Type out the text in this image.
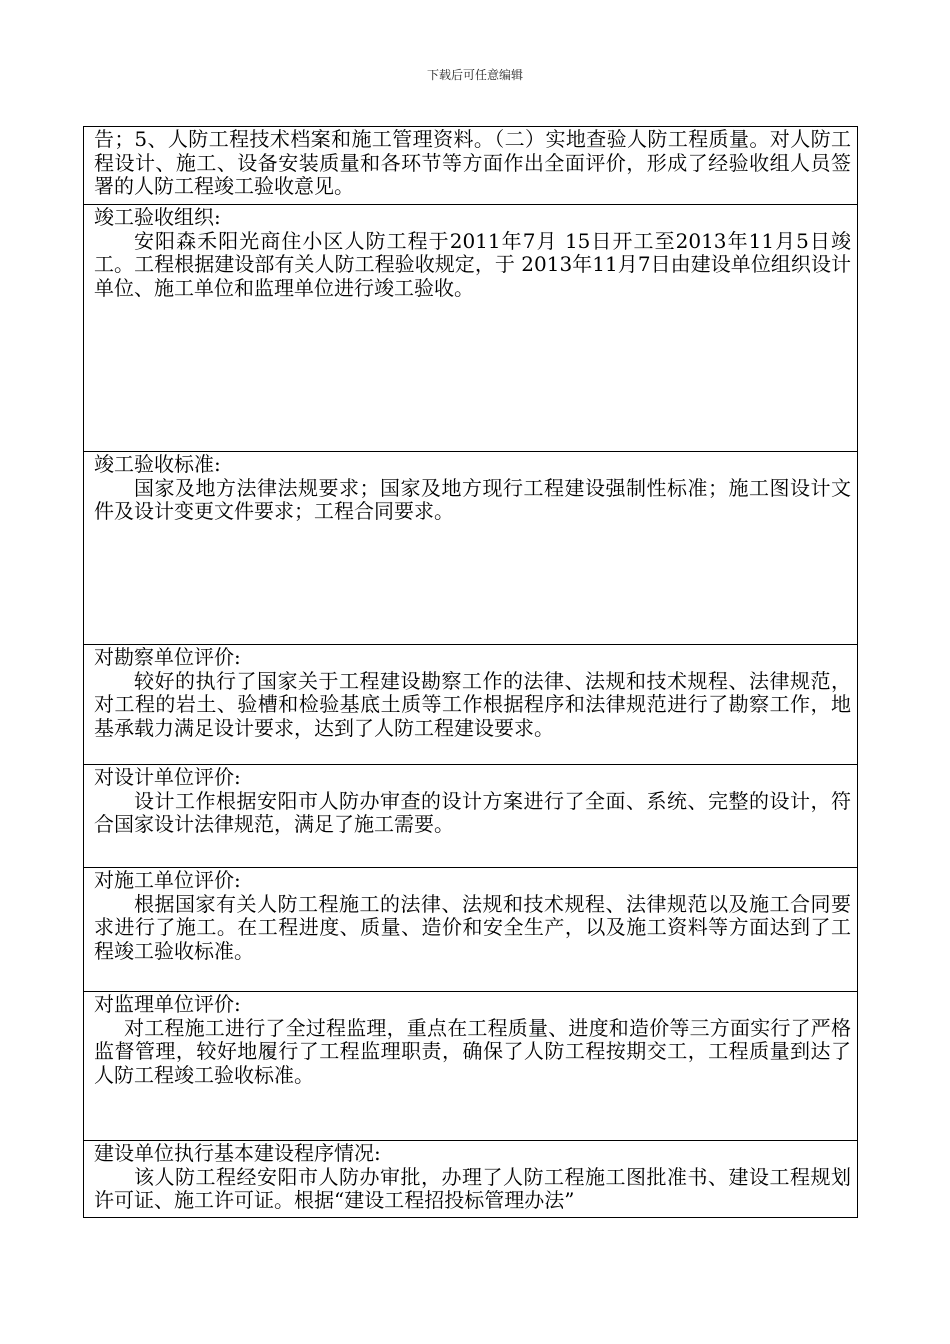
下载后可任意编辑
告；5、人防工程技术档案和施工管理资料。（二）实地查验人防工程质量。对人防工程设计、施工、设备安装质量和各环节等方面作出全面评价，形成了经验收组人员签署的人防工程竣工验收意见。
竣工验收组织:
安阳森禾阳光商住小区人防工程于2011年7月 15日开工至2013年11月5日竣工。工程根据建设部有关人防工程验收规定，于 2013年11月7日由建设单位组织设计单位、施工单位和监理单位进行竣工验收。
竣工验收标准:
国家及地方法律法规要求；国家及地方现行工程建设强制性标准；施工图设计文件及设计变更文件要求；工程合同要求。
对勘察单位评价:
较好的执行了国家关于工程建设勘察工作的法律、法规和技术规程、法律规范，对工程的岩土、验槽和检验基底土质等工作根据程序和法律规范进行了勘察工作，地基承载力满足设计要求，达到了人防工程建设要求。
对设计单位评价:
设计工作根据安阳市人防办审查的设计方案进行了全面、系统、完整的设计，符合国家设计法律规范，满足了施工需要。
对施工单位评价:
根据国家有关人防工程施工的法律、法规和技术规程、法律规范以及施工合同要求进行了施工。在工程进度、质量、造价和安全生产，以及施工资料等方面达到了工程竣工验收标准。
对监理单位评价:
对工程施工进行了全过程监理，重点在工程质量、进度和造价等三方面实行了严格监督管理，较好地履行了工程监理职责，确保了人防工程按期交工，工程质量到达了人防工程竣工验收标准。
建设单位执行基本建设程序情况:
该人防工程经安阳市人防办审批，办理了人防工程施工图批准书、建设工程规划许可证、施工许可证。根据“建设工程招投标管理办法”
